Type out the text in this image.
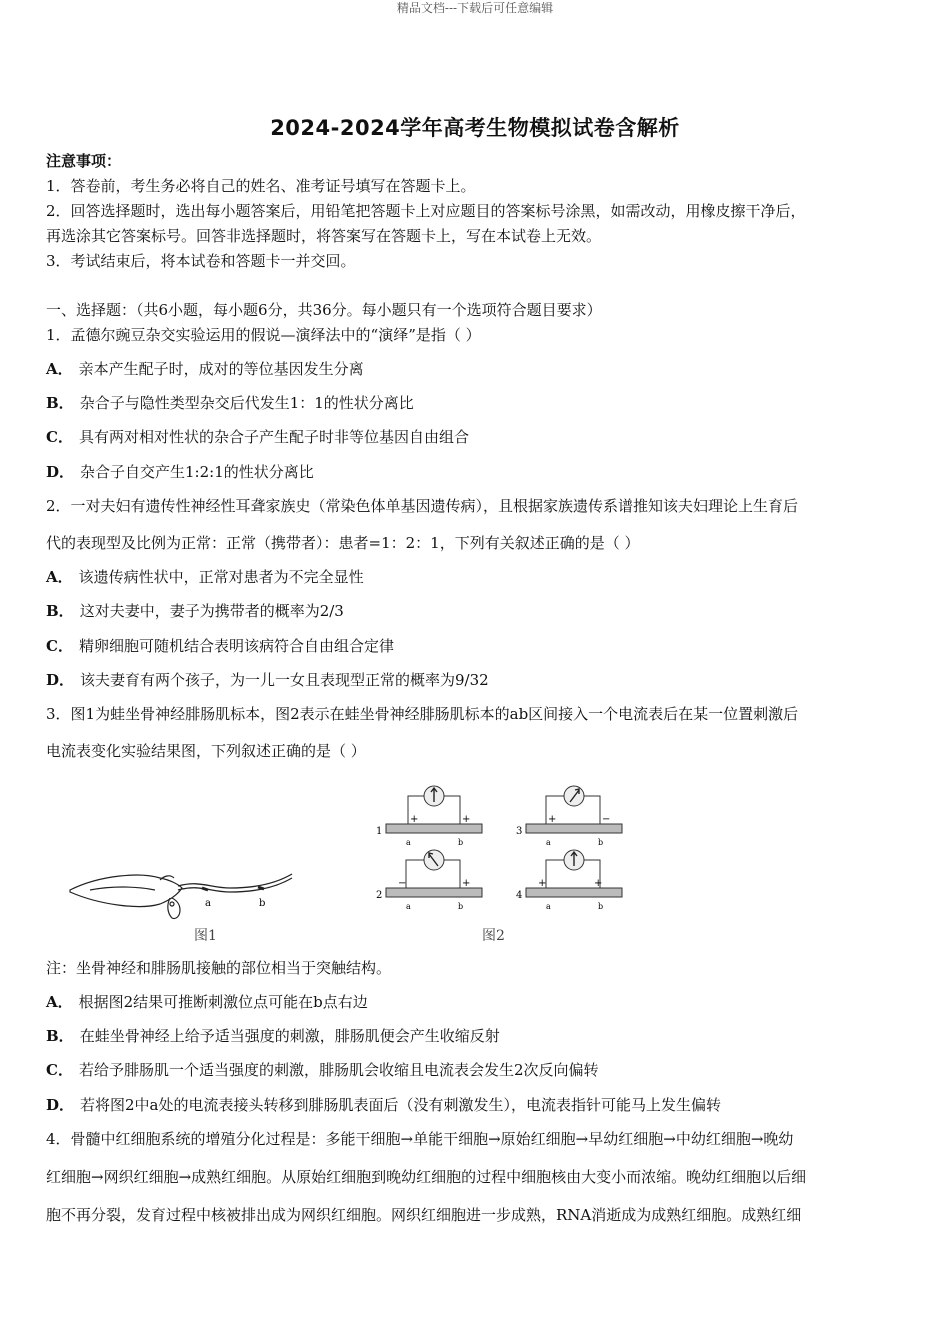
精品文档---下载后可任意编辑
2024-2024学年高考生物模拟试卷含解析
注意事项：
1．答卷前，考生务必将自己的姓名、准考证号填写在答题卡上。
2．回答选择题时，选出每小题答案后，用铅笔把答题卡上对应题目的答案标号涂黑，如需改动，用橡皮擦干净后，
再选涂其它答案标号。回答非选择题时，将答案写在答题卡上，写在本试卷上无效。
3．考试结束后，将本试卷和答题卡一并交回。
一、选择题：（共6小题，每小题6分，共36分。每小题只有一个选项符合题目要求）
1．孟德尔豌豆杂交实验运用的假说—演绎法中的“演绎”是指（ ）
A． 亲本产生配子时，成对的等位基因发生分离
B． 杂合子与隐性类型杂交后代发生1：1的性状分离比
C． 具有两对相对性状的杂合子产生配子时非等位基因自由组合
D． 杂合子自交产生1:2:1的性状分离比
2．一对夫妇有遗传性神经性耳聋家族史（常染色体单基因遗传病），且根据家族遗传系谱推知该夫妇理论上生育后
代的表现型及比例为正常：正常（携带者）：患者=1：2：1，下列有关叙述正确的是（ ）
A． 该遗传病性状中，正常对患者为不完全显性
B． 这对夫妻中，妻子为携带者的概率为2/3
C． 精卵细胞可随机结合表明该病符合自由组合定律
D． 该夫妻育有两个孩子，为一儿一女且表现型正常的概率为9/32
3．图1为蛙坐骨神经腓肠肌标本，图2表示在蛙坐骨神经腓肠肌标本的ab区间接入一个电流表后在某一位置刺激后
电流表变化实验结果图，下列叙述正确的是（ ）
a	b
图1
1
+	+
a	b
3
+	−
a	b
2
−	+
a	b
4
+	+
a	b
图2
注：坐骨神经和腓肠肌接触的部位相当于突触结构。
A． 根据图2结果可推断刺激位点可能在b点右边
B． 在蛙坐骨神经上给予适当强度的刺激，腓肠肌便会产生收缩反射
C． 若给予腓肠肌一个适当强度的刺激，腓肠肌会收缩且电流表会发生2次反向偏转
D． 若将图2中a处的电流表接头转移到腓肠肌表面后（没有刺激发生），电流表指针可能马上发生偏转
4．骨髓中红细胞系统的增殖分化过程是：多能干细胞→单能干细胞→原始红细胞→早幼红细胞→中幼红细胞→晚幼
红细胞→网织红细胞→成熟红细胞。从原始红细胞到晚幼红细胞的过程中细胞核由大变小而浓缩。晚幼红细胞以后细
胞不再分裂，发育过程中核被排出成为网织红细胞。网织红细胞进一步成熟，RNA消逝成为成熟红细胞。成熟红细
